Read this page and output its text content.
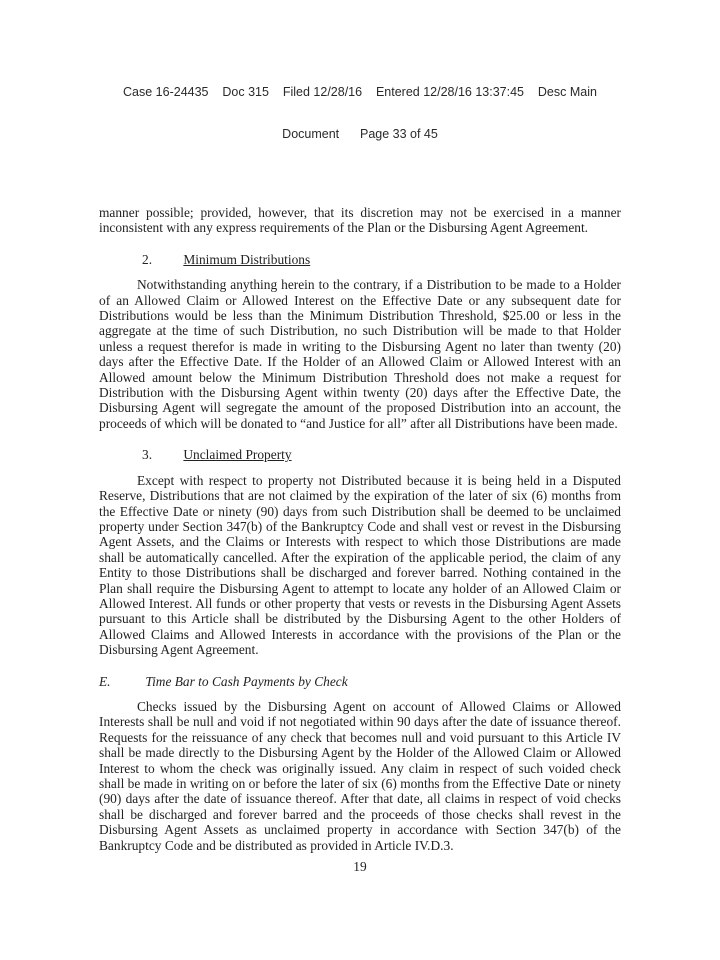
Case 16-24435    Doc 315    Filed 12/28/16    Entered 12/28/16 13:37:45    Desc Main

Document      Page 33 of 45

manner possible; provided, however, that its discretion may not be exercised in a manner inconsistent with any express requirements of the Plan or the Disbursing Agent Agreement.

2. Minimum Distributions

Notwithstanding anything herein to the contrary, if a Distribution to be made to a Holder of an Allowed Claim or Allowed Interest on the Effective Date or any subsequent date for Distributions would be less than the Minimum Distribution Threshold, $25.00 or less in the aggregate at the time of such Distribution, no such Distribution will be made to that Holder unless a request therefor is made in writing to the Disbursing Agent no later than twenty (20) days after the Effective Date. If the Holder of an Allowed Claim or Allowed Interest with an Allowed amount below the Minimum Distribution Threshold does not make a request for Distribution with the Disbursing Agent within twenty (20) days after the Effective Date, the Disbursing Agent will segregate the amount of the proposed Distribution into an account, the proceeds of which will be donated to “and Justice for all” after all Distributions have been made.

3. Unclaimed Property

Except with respect to property not Distributed because it is being held in a Disputed Reserve, Distributions that are not claimed by the expiration of the later of six (6) months from the Effective Date or ninety (90) days from such Distribution shall be deemed to be unclaimed property under Section 347(b) of the Bankruptcy Code and shall vest or revest in the Disbursing Agent Assets, and the Claims or Interests with respect to which those Distributions are made shall be automatically cancelled. After the expiration of the applicable period, the claim of any Entity to those Distributions shall be discharged and forever barred. Nothing contained in the Plan shall require the Disbursing Agent to attempt to locate any holder of an Allowed Claim or Allowed Interest. All funds or other property that vests or revests in the Disbursing Agent Assets pursuant to this Article shall be distributed by the Disbursing Agent to the other Holders of Allowed Claims and Allowed Interests in accordance with the provisions of the Plan or the Disbursing Agent Agreement.

E.	Time Bar to Cash Payments by Check

Checks issued by the Disbursing Agent on account of Allowed Claims or Allowed Interests shall be null and void if not negotiated within 90 days after the date of issuance thereof. Requests for the reissuance of any check that becomes null and void pursuant to this Article IV shall be made directly to the Disbursing Agent by the Holder of the Allowed Claim or Allowed Interest to whom the check was originally issued. Any claim in respect of such voided check shall be made in writing on or before the later of six (6) months from the Effective Date or ninety (90) days after the date of issuance thereof. After that date, all claims in respect of void checks shall be discharged and forever barred and the proceeds of those checks shall revest in the Disbursing Agent Assets as unclaimed property in accordance with Section 347(b) of the Bankruptcy Code and be distributed as provided in Article IV.D.3.

19
